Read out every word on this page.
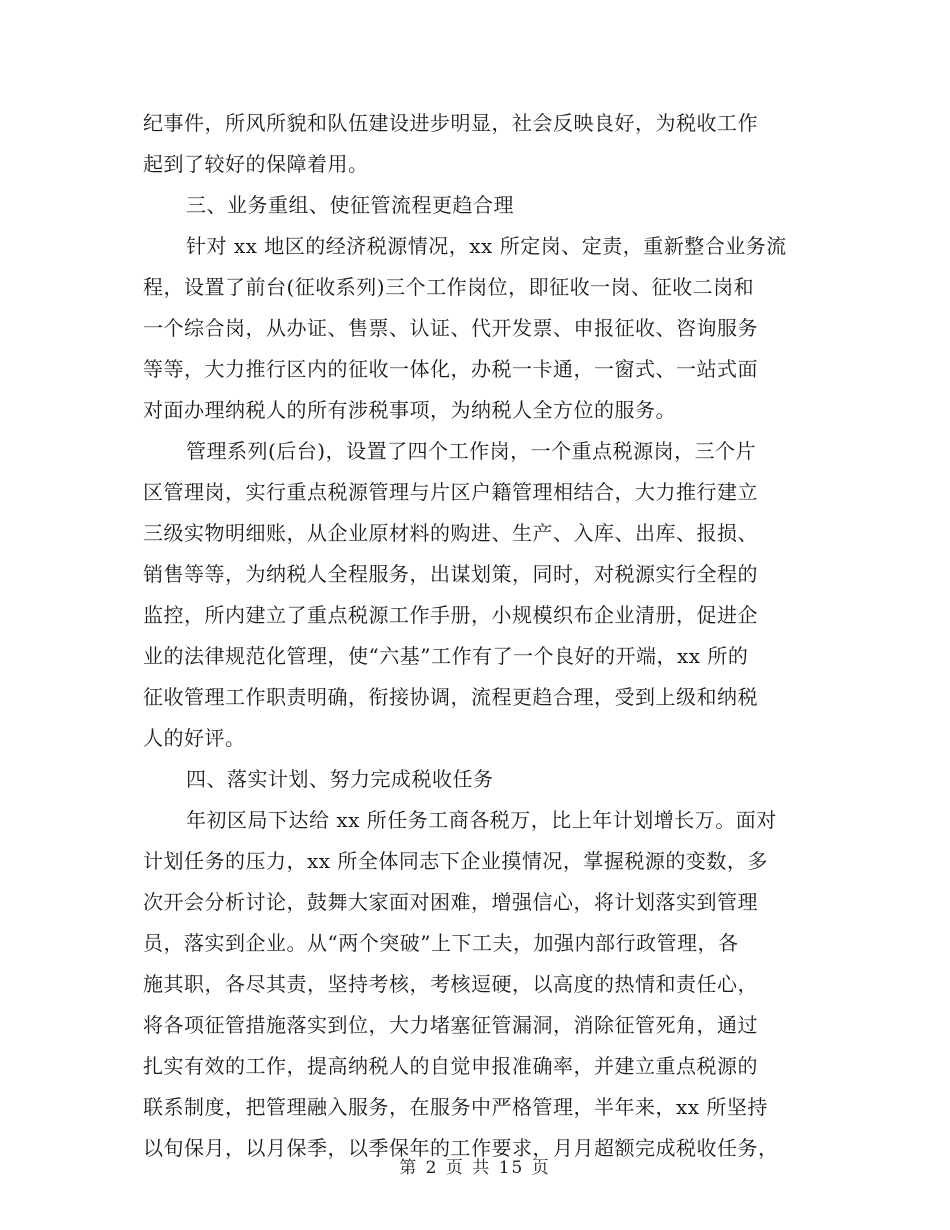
纪事件，所风所貌和队伍建设进步明显，社会反映良好，为税收工作
起到了较好的保障着用。
三、业务重组、使征管流程更趋合理
针对 xx 地区的经济税源情况，xx 所定岗、定责，重新整合业务流
程，设置了前台(征收系列)三个工作岗位，即征收一岗、征收二岗和
一个综合岗，从办证、售票、认证、代开发票、申报征收、咨询服务
等等，大力推行区内的征收一体化，办税一卡通，一窗式、一站式面
对面办理纳税人的所有涉税事项，为纳税人全方位的服务。
管理系列(后台)，设置了四个工作岗，一个重点税源岗，三个片
区管理岗，实行重点税源管理与片区户籍管理相结合，大力推行建立
三级实物明细账，从企业原材料的购进、生产、入库、出库、报损、
销售等等，为纳税人全程服务，出谋划策，同时，对税源实行全程的
监控，所内建立了重点税源工作手册，小规模织布企业清册，促进企
业的法律规范化管理，使“六基”工作有了一个良好的开端，xx 所的
征收管理工作职责明确，衔接协调，流程更趋合理，受到上级和纳税
人的好评。
四、落实计划、努力完成税收任务
年初区局下达给 xx 所任务工商各税万，比上年计划增长万。面对
计划任务的压力，xx 所全体同志下企业摸情况，掌握税源的变数，多
次开会分析讨论，鼓舞大家面对困难，增强信心，将计划落实到管理
员，落实到企业。从“两个突破”上下工夫，加强内部行政管理，各
施其职，各尽其责，坚持考核，考核逗硬，以高度的热情和责任心，
将各项征管措施落实到位，大力堵塞征管漏洞，消除征管死角，通过
扎实有效的工作，提高纳税人的自觉申报准确率，并建立重点税源的
联系制度，把管理融入服务，在服务中严格管理，半年来，xx 所坚持
以旬保月，以月保季，以季保年的工作要求，月月超额完成税收任务，
第 2 页 共 15 页
